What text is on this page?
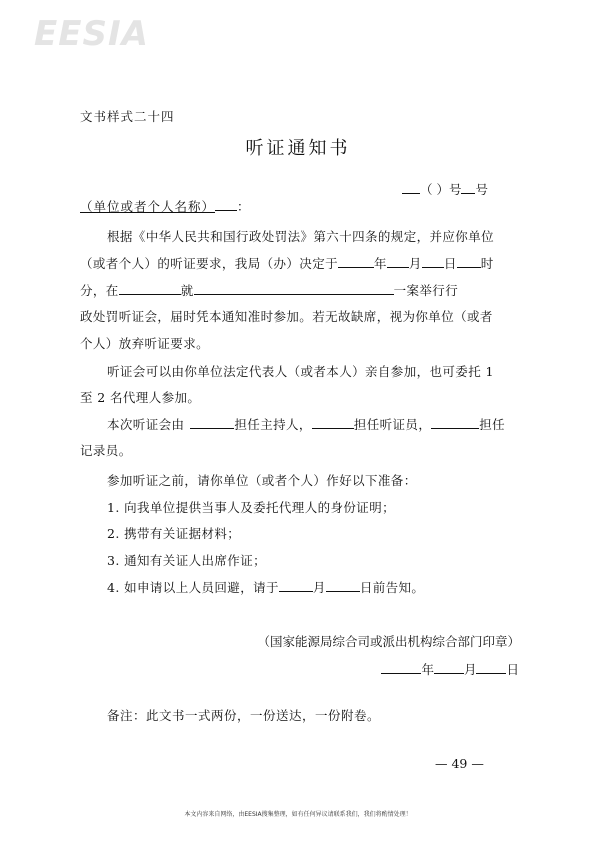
EESIA
文书样式二十四
听证通知书
（ ）号 号
（单位或者个人名称） ：
根据《中华人民共和国行政处罚法》第六十四条的规定，并应你单位
（或者个人）的听证要求，我局（办）决定于	年 月 日 时
分，在	就	一案举行行
政处罚听证会，届时凭本通知准时参加。若无故缺席，视为你单位（或者
个人）放弃听证要求。
听证会可以由你单位法定代表人（或者本人）亲自参加，也可委托 1
至 2 名代理人参加。
本次听证会由	担任主持人，	担任听证员，	担任
记录员。
参加听证之前，请你单位（或者个人）作好以下准备：
1. 向我单位提供当事人及委托代理人的身份证明；
2. 携带有关证据材料；
3. 通知有关证人出席作证；
4. 如申请以上人员回避，请于	月	日前告知。
（国家能源局综合司或派出机构综合部门印章）
年 月 日
备注：此文书一式两份，一份送达，一份附卷。
— 49 —
本文内容来自网络，由EESIA搜集整理，如有任何异议请联系我们，我们将酌情处理！
